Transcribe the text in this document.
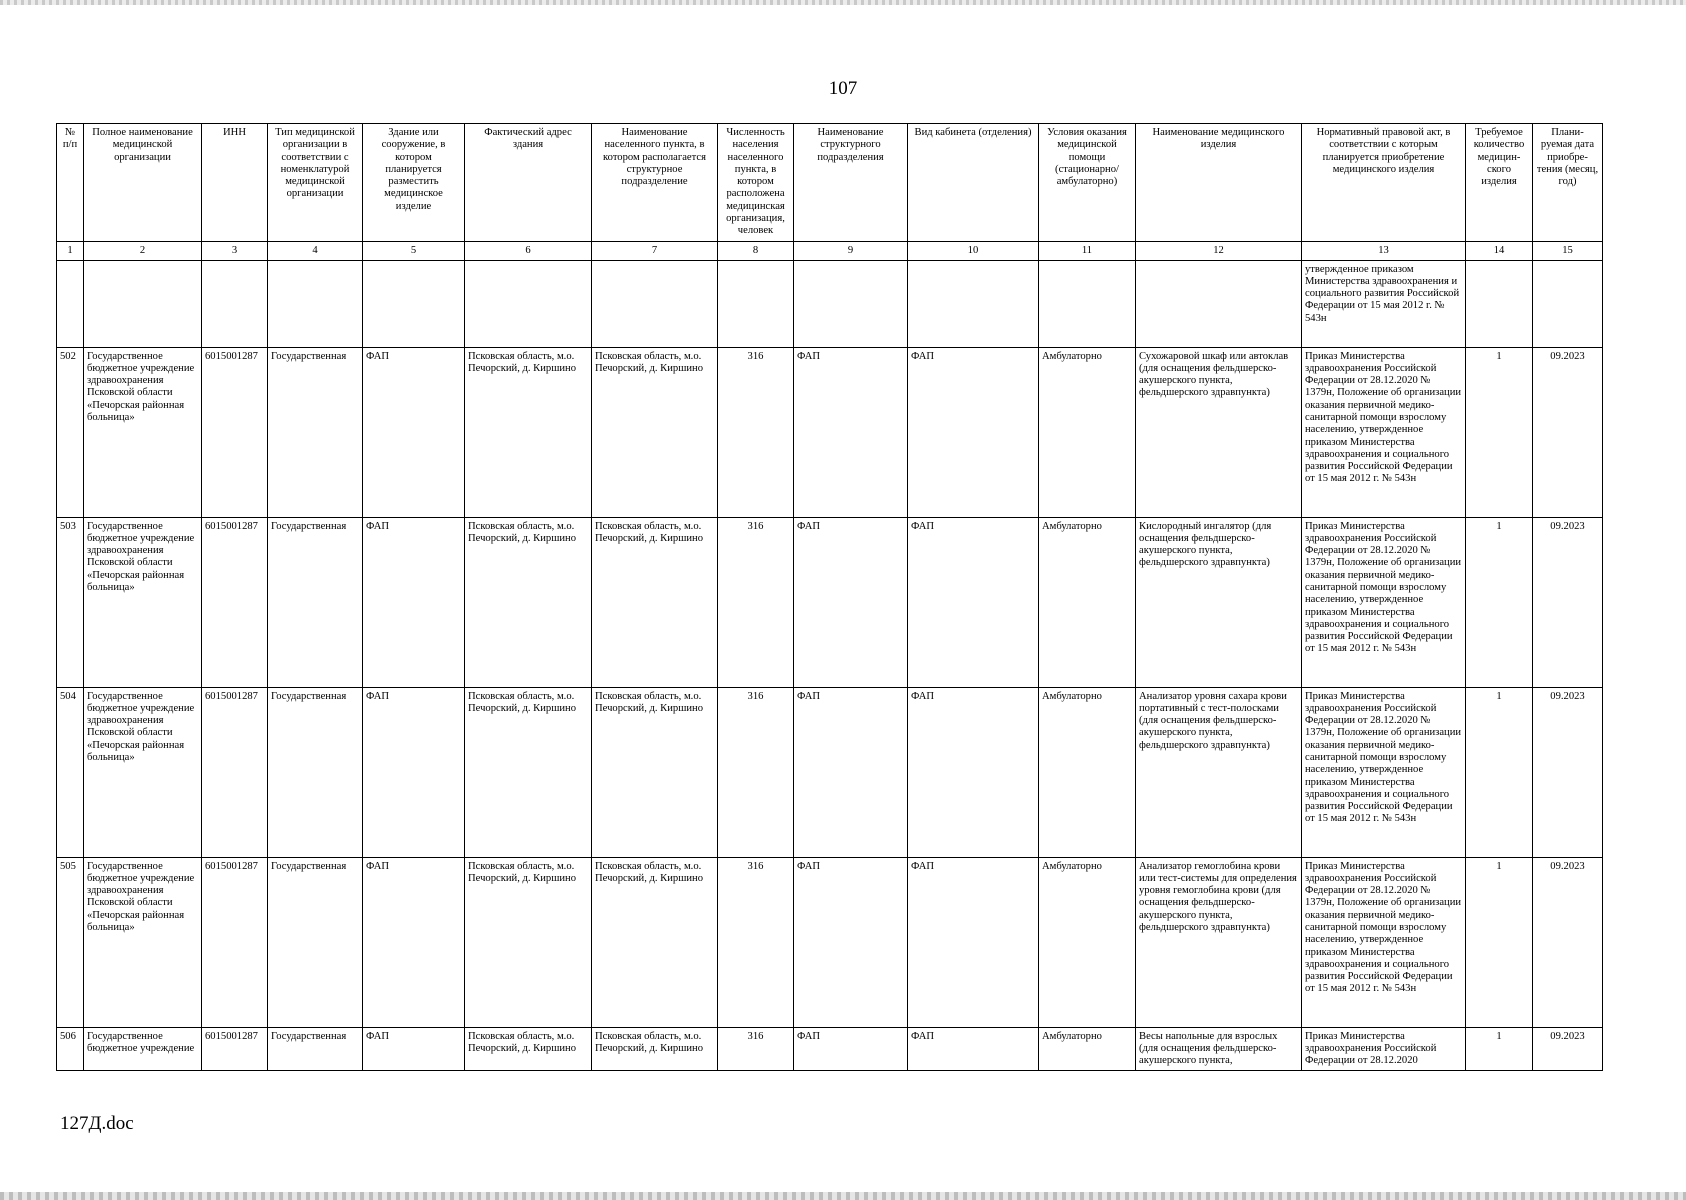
107
№ п/п	Полное наименование медицинской организации	ИНН	Тип медицинской организации в соответствии с номенклатурой медицинской организации	Здание или сооружение, в котором планируется разместить медицинское изделие	Фактический адрес здания	Наименование населенного пункта, в котором располагается структурное подразделение	Численность населения населенного пункта, в котором расположена медицинская организация, человек	Наименование структурного подразделения	Вид кабинета (отделения)	Условия оказания медицинской помощи (стационарно/ амбулаторно)	Наименование медицинского изделия	Нормативный правовой акт, в соответствии с которым планируется приобретение медицинского изделия	Требуемое количество медицин-ского изделия	Плани-руемая дата приобре-тения (месяц, год)
1	2	3	4	5	6	7	8	9	10	11	12	13	14	15
												утвержденное приказом Министерства здравоохранения и социального развития Российской Федерации от 15 мая 2012 г. № 543н		
502	Государственное бюджетное учреждение здравоохранения Псковской области «Печорская районная больница»	6015001287	Государственная	ФАП	Псковская область, м.о. Печорский, д. Киршино	Псковская область, м.о. Печорский, д. Киршино	316	ФАП	ФАП	Амбулаторно	Сухожаровой шкаф или автоклав (для оснащения фельдшерско-акушерского пункта, фельдшерского здравпункта)	Приказ Министерства здравоохранения Российской Федерации от 28.12.2020 № 1379н, Положение об организации оказания первичной медико-санитарной помощи взрослому населению, утвержденное приказом Министерства здравоохранения и социального развития Российской Федерации от 15 мая 2012 г. № 543н	1	09.2023
503	Государственное бюджетное учреждение здравоохранения Псковской области «Печорская районная больница»	6015001287	Государственная	ФАП	Псковская область, м.о. Печорский, д. Киршино	Псковская область, м.о. Печорский, д. Киршино	316	ФАП	ФАП	Амбулаторно	Кислородный ингалятор (для оснащения фельдшерско-акушерского пункта, фельдшерского здравпункта)	Приказ Министерства здравоохранения Российской Федерации от 28.12.2020 № 1379н, Положение об организации оказания первичной медико-санитарной помощи взрослому населению, утвержденное приказом Министерства здравоохранения и социального развития Российской Федерации от 15 мая 2012 г. № 543н	1	09.2023
504	Государственное бюджетное учреждение здравоохранения Псковской области «Печорская районная больница»	6015001287	Государственная	ФАП	Псковская область, м.о. Печорский, д. Киршино	Псковская область, м.о. Печорский, д. Киршино	316	ФАП	ФАП	Амбулаторно	Анализатор уровня сахара крови портативный с тест-полосками (для оснащения фельдшерско-акушерского пункта, фельдшерского здравпункта)	Приказ Министерства здравоохранения Российской Федерации от 28.12.2020 № 1379н, Положение об организации оказания первичной медико-санитарной помощи взрослому населению, утвержденное приказом Министерства здравоохранения и социального развития Российской Федерации от 15 мая 2012 г. № 543н	1	09.2023
505	Государственное бюджетное учреждение здравоохранения Псковской области «Печорская районная больница»	6015001287	Государственная	ФАП	Псковская область, м.о. Печорский, д. Киршино	Псковская область, м.о. Печорский, д. Киршино	316	ФАП	ФАП	Амбулаторно	Анализатор гемоглобина крови или тест-системы для определения уровня гемоглобина крови (для оснащения фельдшерско-акушерского пункта, фельдшерского здравпункта)	Приказ Министерства здравоохранения Российской Федерации от 28.12.2020 № 1379н, Положение об организации оказания первичной медико-санитарной помощи взрослому населению, утвержденное приказом Министерства здравоохранения и социального развития Российской Федерации от 15 мая 2012 г. № 543н	1	09.2023
506	Государственное бюджетное учреждение	6015001287	Государственная	ФАП	Псковская область, м.о. Печорский, д. Киршино	Псковская область, м.о. Печорский, д. Киршино	316	ФАП	ФАП	Амбулаторно	Весы напольные для взрослых (для оснащения фельдшерско-акушерского пункта,	Приказ Министерства здравоохранения Российской Федерации от 28.12.2020	1	09.2023
127Д.doc
